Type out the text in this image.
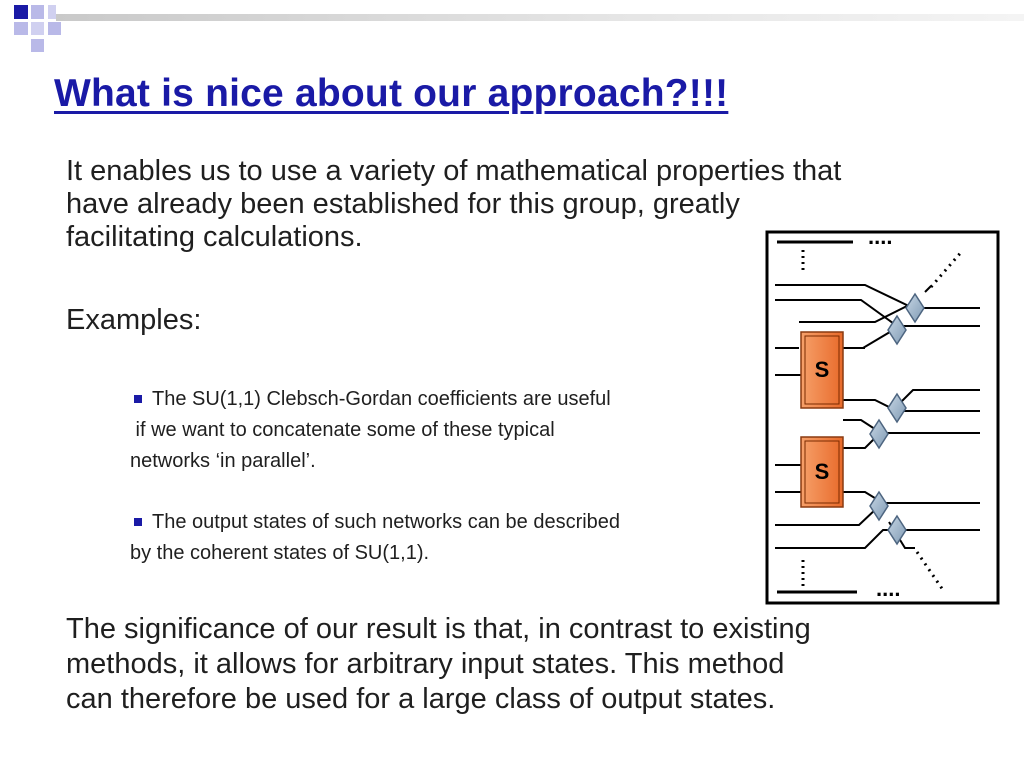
What is nice about our approach?!!!
It enables us to use a variety of mathematical properties that
have already been established for this group, greatly
facilitating calculations.
Examples:
The SU(1,1) Clebsch-Gordan coefficients are useful
if we want to concatenate some of these typical
networks ‘in parallel’.
The output states of such networks can be described
by the coherent states of SU(1,1).
The significance of our result is that, in contrast to existing
methods, it allows for arbitrary input states. This method
can therefore be used for a large class of output states.
....
....
S
S
